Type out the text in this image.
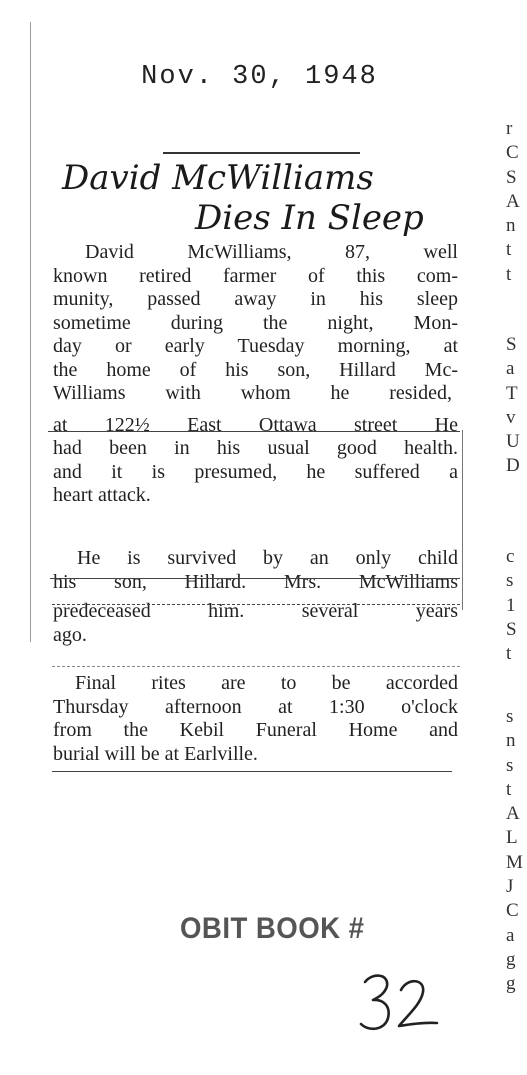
Nov. 30, 1948
David McWilliams
Dies In Sleep
David McWilliams, 87, well
known retired farmer of this com-
munity, passed away in his sleep
sometime during the night, Mon-
day or early Tuesday morning, at
the home of his son, Hillard Mc-
Williams with whom he resided,
at 122½ East Ottawa street He
had been in his usual good health.
and it is presumed, he suffered a
heart attack.
He is survived by an only child
his son, Hillard. Mrs. McWilliams
predeceased him. several years
ago.
Final rites are to be accorded
Thursday afternoon at 1:30 o'clock
from the Kebil Funeral Home and
burial will be at Earlville.
OBIT BOOK #
r
C
S
A
n
t
t
S
a
T
v
U
D
c
s
1
S
t
s
n
s
t
A
L
M
J
C
a
g
g
